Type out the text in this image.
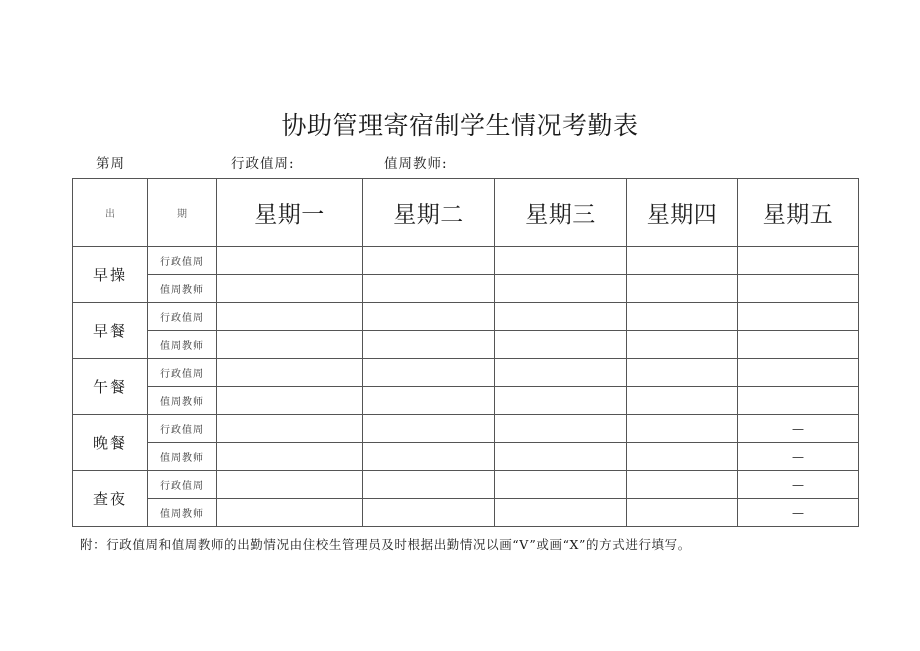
协助管理寄宿制学生情况考勤表
第周	行政值周:	值周教师:
出	期	星期一	星期二	星期三	星期四	星期五
早操	行政值周					
	值周教师					
早餐	行政值周					
	值周教师					
午餐	行政值周					
	值周教师					
晚餐	行政值周					—
	值周教师					—
查夜	行政值周					—
	值周教师					—
附：行政值周和值周教师的出勤情况由住校生管理员及时根据出勤情况以画“V”或画“X”的方式进行填写。
